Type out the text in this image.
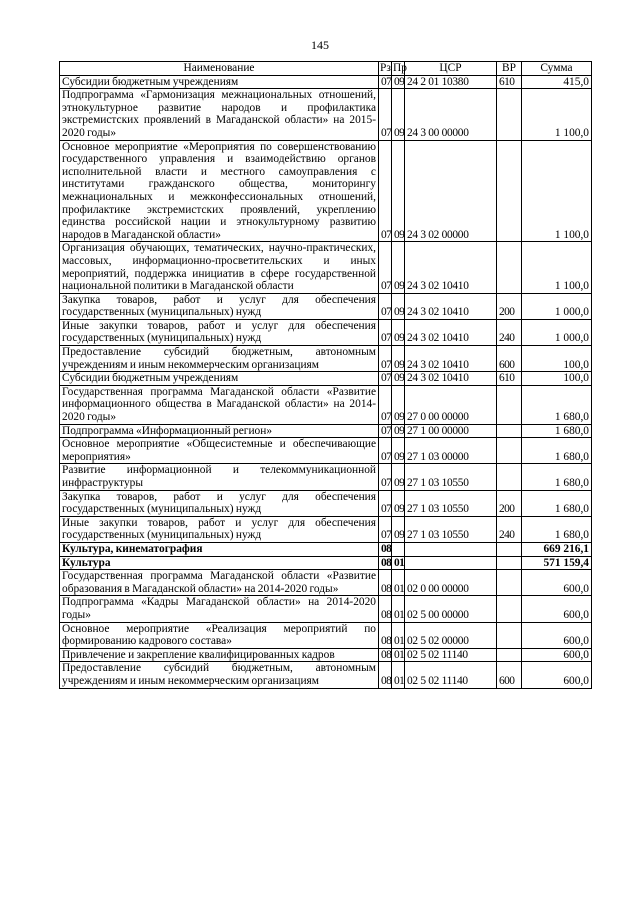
145
Наименование	Рз	Пр	ЦСР	ВР	Сумма
Субсидии бюджетным учреждениям	07	09	24 2 01 10380	610	415,0
Подпрограмма «Гармонизация межнациональных отношений, этнокультурное развитие народов и профилактика экстремистских проявлений в Магаданской области» на 2015-2020 годы»	07	09	24 3 00 00000		1 100,0
Основное мероприятие «Мероприятия по совершенствованию государственного управления и взаимодействию органов исполнительной власти и местного самоуправления с институтами гражданского общества, мониторингу межнациональных и межконфессиональных отношений, профилактике экстремистских проявлений, укреплению единства российской нации и этнокультурному развитию народов в Магаданской области»	07	09	24 3 02 00000		1 100,0
Организация обучающих, тематических, научно-практических, массовых, информационно-просветительских и иных мероприятий, поддержка инициатив в сфере государственной национальной политики в Магаданской области	07	09	24 3 02 10410		1 100,0
Закупка товаров, работ и услуг для обеспечения государственных (муниципальных) нужд	07	09	24 3 02 10410	200	1 000,0
Иные закупки товаров, работ и услуг для обеспечения государственных (муниципальных) нужд	07	09	24 3 02 10410	240	1 000,0
Предоставление субсидий бюджетным, автономным учреждениям и иным некоммерческим организациям	07	09	24 3 02 10410	600	100,0
Субсидии бюджетным учреждениям	07	09	24 3 02 10410	610	100,0
Государственная программа Магаданской области «Развитие информационного общества в Магаданской области» на 2014-2020 годы»	07	09	27 0 00 00000		1 680,0
Подпрограмма «Информационный регион»	07	09	27 1 00 00000		1 680,0
Основное мероприятие «Общесистемные и обеспечивающие мероприятия»	07	09	27 1 03 00000		1 680,0
Развитие информационной и телекоммуникационной инфраструктуры	07	09	27 1 03 10550		1 680,0
Закупка товаров, работ и услуг для обеспечения государственных (муниципальных) нужд	07	09	27 1 03 10550	200	1 680,0
Иные закупки товаров, работ и услуг для обеспечения государственных (муниципальных) нужд	07	09	27 1 03 10550	240	1 680,0
Культура, кинематография	08				669 216,1
Культура	08	01			571 159,4
Государственная программа Магаданской области «Развитие образования в Магаданской области» на 2014-2020 годы»	08	01	02 0 00 00000		600,0
Подпрограмма «Кадры Магаданской области» на 2014-2020 годы»	08	01	02 5 00 00000		600,0
Основное мероприятие «Реализация мероприятий по формированию кадрового состава»	08	01	02 5 02 00000		600,0
Привлечение и закрепление квалифицированных кадров	08	01	02 5 02 11140		600,0
Предоставление субсидий бюджетным, автономным учреждениям и иным некоммерческим организациям	08	01	02 5 02 11140	600	600,0
